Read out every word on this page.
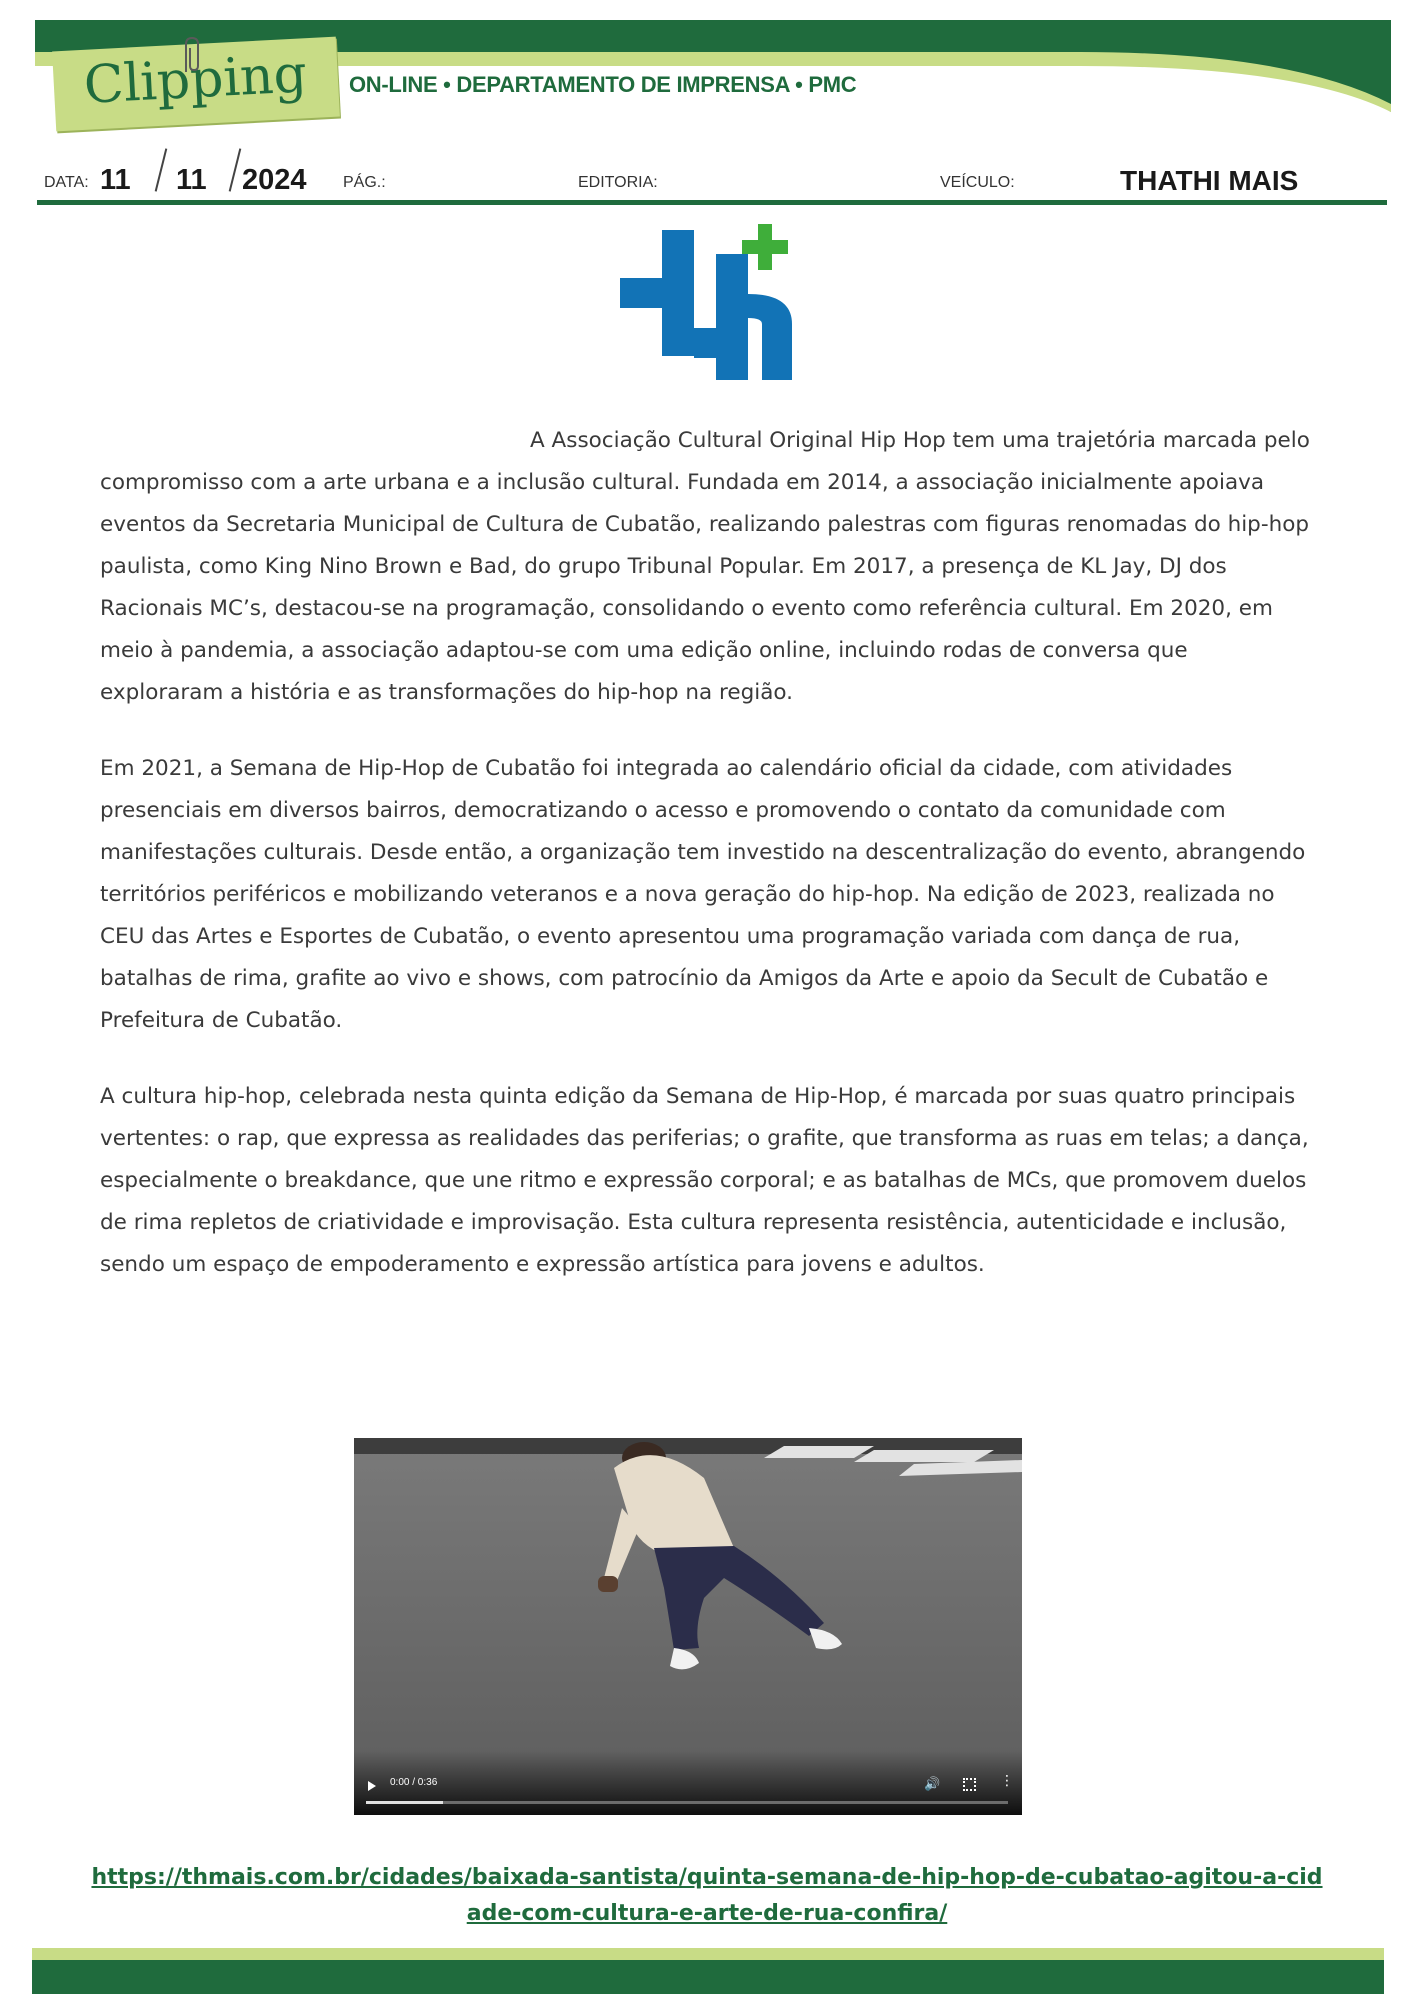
Clipping ON-LINE • DEPARTAMENTO DE IMPRENSA • PMC
DATA: 11 11 2024 PÁG.:	EDITORIA:	VEÍCULO:	THATHI MAIS

A Associação Cultural Original Hip Hop tem uma trajetória marcada pelo compromisso com a arte urbana e a inclusão cultural. Fundada em 2014, a associação inicialmente apoiava eventos da Secretaria Municipal de Cultura de Cubatão, realizando palestras com figuras renomadas do hip-hop paulista, como King Nino Brown e Bad, do grupo Tribunal Popular. Em 2017, a presença de KL Jay, DJ dos Racionais MC’s, destacou-se na programação, consolidando o evento como referência cultural. Em 2020, em meio à pandemia, a associação adaptou-se com uma edição online, incluindo rodas de conversa que exploraram a história e as transformações do hip-hop na região.

Em 2021, a Semana de Hip-Hop de Cubatão foi integrada ao calendário oficial da cidade, com atividades presenciais em diversos bairros, democratizando o acesso e promovendo o contato da comunidade com manifestações culturais. Desde então, a organização tem investido na descentralização do evento, abrangendo territórios periféricos e mobilizando veteranos e a nova geração do hip-hop. Na edição de 2023, realizada no CEU das Artes e Esportes de Cubatão, o evento apresentou uma programação variada com dança de rua, batalhas de rima, grafite ao vivo e shows, com patrocínio da Amigos da Arte e apoio da Secult de Cubatão e Prefeitura de Cubatão.

A cultura hip-hop, celebrada nesta quinta edição da Semana de Hip-Hop, é marcada por suas quatro principais vertentes: o rap, que expressa as realidades das periferias; o grafite, que transforma as ruas em telas; a dança, especialmente o breakdance, que une ritmo e expressão corporal; e as batalhas de MCs, que promovem duelos de rima repletos de criatividade e improvisação. Esta cultura representa resistência, autenticidade e inclusão, sendo um espaço de empoderamento e expressão artística para jovens e adultos.

0:00 / 0:36	🔊	⋮
https://thmais.com.br/cidades/baixada-santista/quinta-semana-de-hip-hop-de-cubatao-agitou-a-cidade-com-cultura-e-arte-de-rua-confira/
